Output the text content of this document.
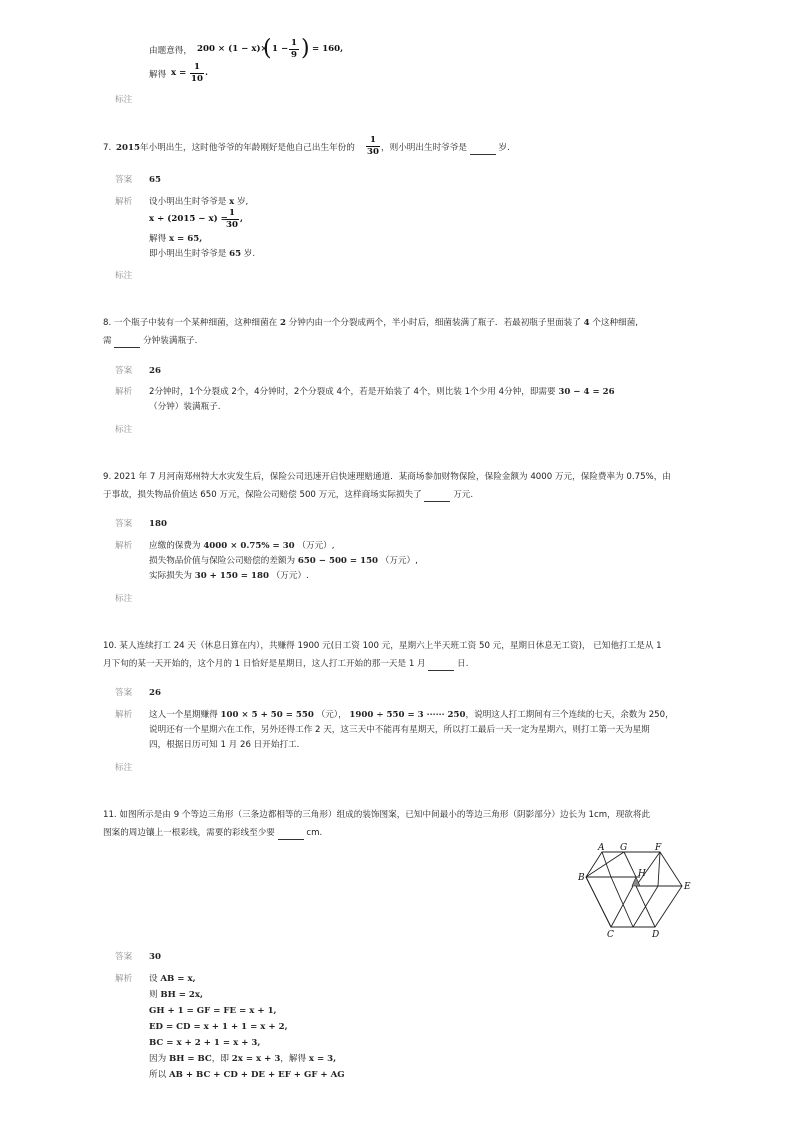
由题意得， 200 × (1 − x)×
( $1 - \frac{1}{9}$ ) = 160,
解得 $x = \frac{1}{10}$ .
标注
7. 2015 年小明出生，这时他爷爷的年龄刚好是他自己出生年份的 $\frac{1}{30}$ ，则小明出生时爷爷是	岁.
答案 65
解析 设小明出生时爷爷是 x 岁,
x ÷ (2015 − x) =
$\frac{1}{30}$ ,
解得 x = 65,
即小明出生时爷爷是 65 岁.
标注
8. 一个瓶子中装有一个某种细菌，这种细菌在 2 分钟内由一个分裂成两个，半小时后，细菌装满了瓶子．若最初瓶子里面装了 4 个这种细菌,
需	分钟装满瓶子.
答案 26
解析 2分钟时，1个分裂成 2个，4分钟时，2个分裂成 4个，若是开始装了 4个，则比装 1个少用 4分钟，即需要 30 − 4 = 26
（分钟）装满瓶子.
标注
9. 2021 年 7 月河南郑州特大水灾发生后，保险公司迅速开启快速理赔通道．某商场参加财物保险，保险金额为 4000 万元，保险费率为 0.75%，由
于事故，损失物品价值达 650 万元，保险公司赔偿 500 万元，这样商场实际损失了	万元.
答案 180
解析 应缴的保费为 4000 × 0.75% = 30 （万元）,
损失物品价值与保险公司赔偿的差额为 650 − 500 = 150 （万元）,
实际损失为 30 + 150 = 180 （万元）.
标注
10. 某人连续打工 24 天（休息日算在内），共赚得 1900 元(日工资 100 元，星期六上半天班工资 50 元，星期日休息无工资)， 已知他打工是从 1
月下旬的某一天开始的，这个月的 1 日恰好是星期日，这人打工开始的那一天是 1 月	日.
答案 26
解析 这人一个星期赚得 100 × 5 + 50 = 550 （元）， 1900 ÷ 550 = 3 ······ 250，说明这人打工期间有三个连续的七天，余数为 250，
说明还有一个星期六在工作，另外还得工作 2 天，这三天中不能再有星期天，所以打工最后一天一定为星期六，则打工第一天为星期
四，根据日历可知 1 月 26 日开始打工.
标注
11. 如图所示是由 9 个等边三角形（三条边都相等的三角形）组成的装饰图案，已知中间最小的等边三角形（阴影部分）边长为 1cm，现欲将此
图案的周边镶上一根彩线，需要的彩线至少要	cm.
A G	F
B	H
E
C	D
答案 30
解析 设 AB = x,
则 BH = 2x,
GH + 1 = GF = FE = x + 1,
ED = CD = x + 1 + 1 = x + 2,
BC = x + 2 + 1 = x + 3,
因为 BH = BC，即 2x = x + 3，解得 x = 3,
所以 AB + BC + CD + DE + EF + GF + AG
